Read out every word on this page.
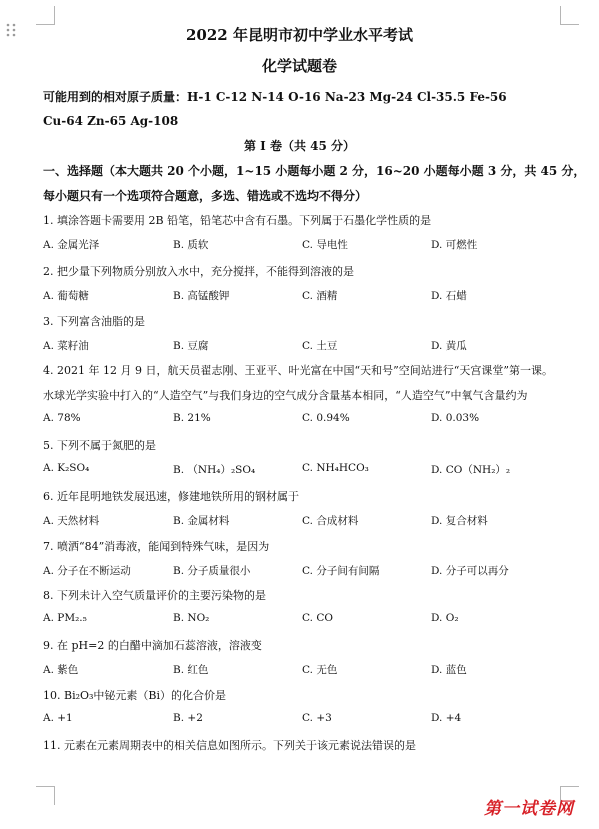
2022 年昆明市初中学业水平考试
化学试题卷
可能用到的相对原子质量：H-1 C-12 N-14 O-16 Na-23 Mg-24 Cl-35.5 Fe-56
Cu-64 Zn-65 Ag-108
第 I 卷（共 45 分）
一、选择题（本大题共 20 个小题，1~15 小题每小题 2 分，16~20 小题每小题 3 分，共 45 分，
每小题只有一个选项符合题意，多选、错选或不选均不得分）
1. 填涂答题卡需要用 2B 铅笔，铅笔芯中含有石墨。下列属于石墨化学性质的是
A. 金属光泽	B. 质软	C. 导电性	D. 可燃性
2. 把少量下列物质分别放入水中，充分搅拌，不能得到溶液的是
A. 葡萄糖	B. 高锰酸钾	C. 酒精	D. 石蜡
3. 下列富含油脂的是
A. 菜籽油	B. 豆腐	C. 土豆	D. 黄瓜
4. 2021 年 12 月 9 日，航天员翟志刚、王亚平、叶光富在中国“天和号”空间站进行“天宫课堂”第一课。
水球光学实验中打入的“人造空气”与我们身边的空气成分含量基本相同，“人造空气”中氧气含量约为
A. 78%	B. 21%	C. 0.94%	D. 0.03%
5. 下列不属于氮肥的是
A. K₂SO₄	B. （NH₄）₂SO₄	C. NH₄HCO₃	D. CO（NH₂）₂
6. 近年昆明地铁发展迅速，修建地铁所用的钢材属于
A. 天然材料	B. 金属材料	C. 合成材料	D. 复合材料
7. 喷洒“84”消毒液，能闻到特殊气味，是因为
A. 分子在不断运动	B. 分子质量很小	C. 分子间有间隔	D. 分子可以再分
8. 下列未计入空气质量评价的主要污染物的是
A. PM₂.₅	B. NO₂	C. CO	D. O₂
9. 在 pH=2 的白醋中滴加石蕊溶液，溶液变
A. 紫色	B. 红色	C. 无色	D. 蓝色
10. Bi₂O₃中铋元素（Bi）的化合价是
A. +1	B. +2	C. +3	D. +4
11. 元素在元素周期表中的相关信息如图所示。下列关于该元素说法错误的是
第一试卷网
